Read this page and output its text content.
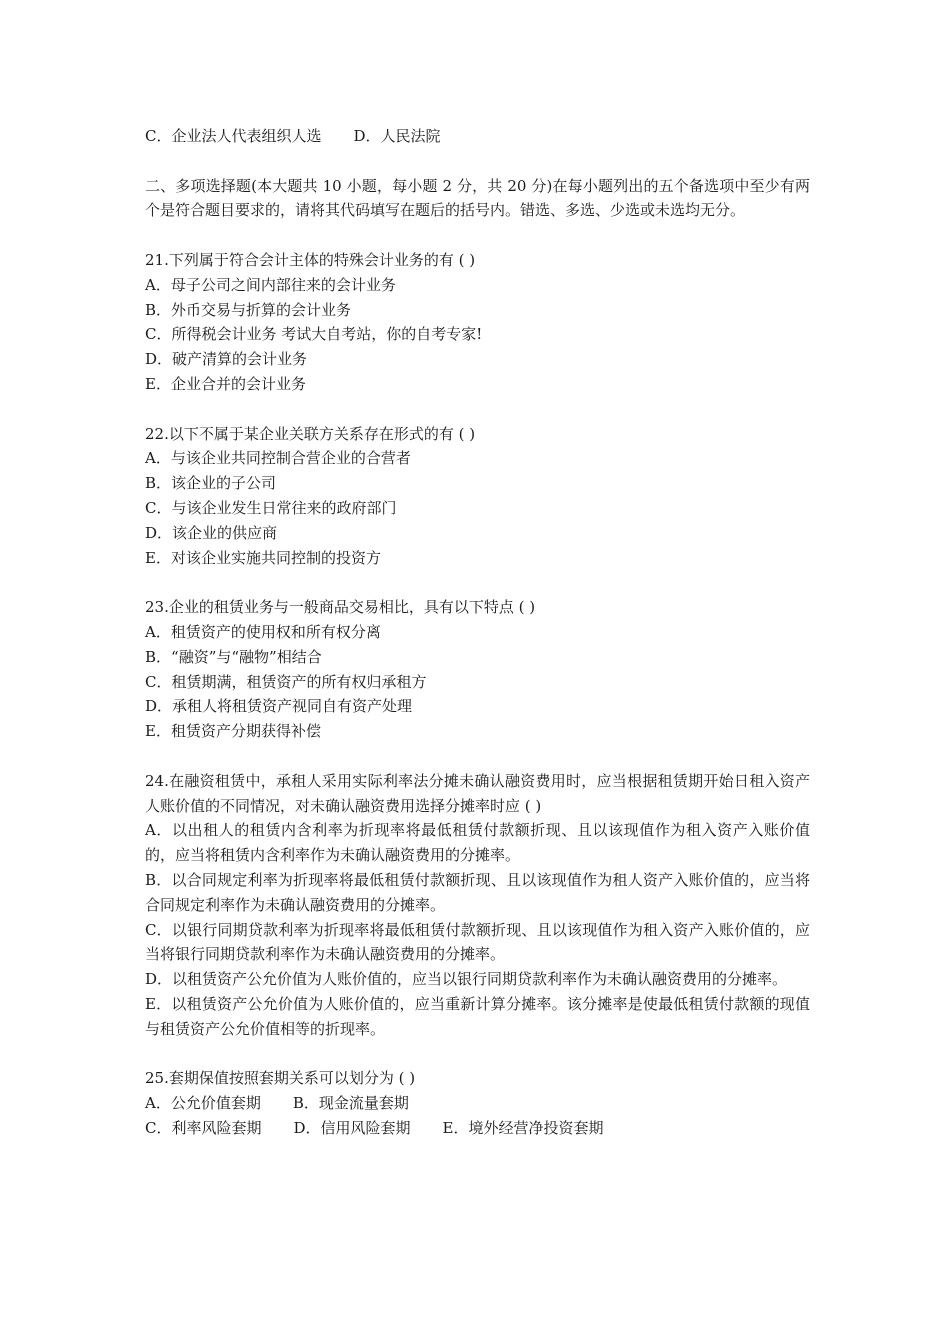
C．企业法人代表组织人选 D．人民法院
二、多项选择题(本大题共 10 小题，每小题 2 分，共 20 分)在每小题列出的五个备选项中至少有两个是符合题目要求的，请将其代码填写在题后的括号内。错选、多选、少选或未选均无分。
21.下列属于符合会计主体的特殊会计业务的有 ( )
A．母子公司之间内部往来的会计业务
B．外币交易与折算的会计业务
C．所得税会计业务 考试大自考站，你的自考专家!
D．破产清算的会计业务
E．企业合并的会计业务
22.以下不属于某企业关联方关系存在形式的有 ( )
A．与该企业共同控制合营企业的合营者
B．该企业的子公司
C．与该企业发生日常往来的政府部门
D．该企业的供应商
E．对该企业实施共同控制的投资方
23.企业的租赁业务与一般商品交易相比，具有以下特点 ( )
A．租赁资产的使用权和所有权分离
B．“融资”与“融物”相结合
C．租赁期满，租赁资产的所有权归承租方
D．承租人将租赁资产视同自有资产处理
E．租赁资产分期获得补偿
24.在融资租赁中，承租人采用实际利率法分摊未确认融资费用时，应当根据租赁期开始日租入资产人账价值的不同情况，对未确认融资费用选择分摊率时应 ( )
A．以出租人的租赁内含利率为折现率将最低租赁付款额折现、且以该现值作为租入资产入账价值的，应当将租赁内含利率作为未确认融资费用的分摊率。
B．以合同规定利率为折现率将最低租赁付款额折现、且以该现值作为租人资产入账价值的，应当将合同规定利率作为未确认融资费用的分摊率。
C．以银行同期贷款利率为折现率将最低租赁付款额折现、且以该现值作为租入资产入账价值的，应当将银行同期贷款利率作为未确认融资费用的分摊率。
D．以租赁资产公允价值为人账价值的，应当以银行同期贷款利率作为未确认融资费用的分摊率。
E．以租赁资产公允价值为人账价值的，应当重新计算分摊率。该分摊率是使最低租赁付款额的现值与租赁资产公允价值相等的折现率。
25.套期保值按照套期关系可以划分为 ( )
A．公允价值套期 B．现金流量套期
C．利率风险套期 D．信用风险套期 E．境外经营净投资套期
